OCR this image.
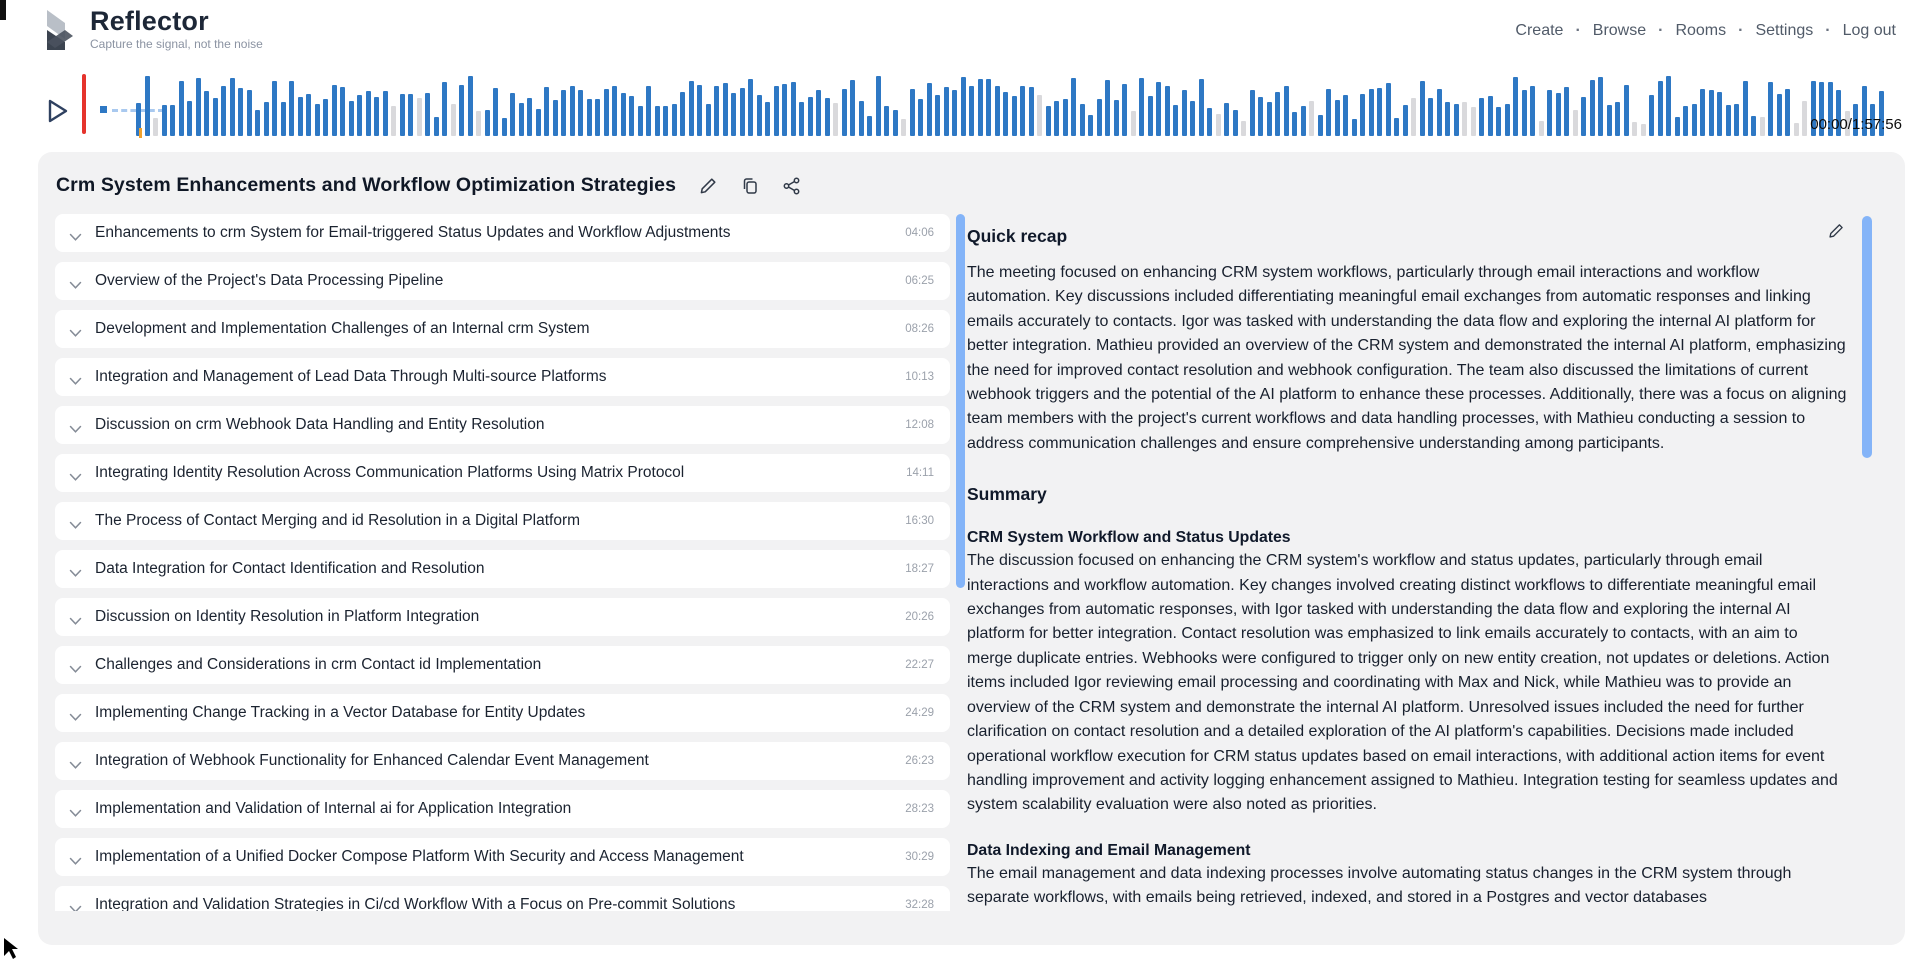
Reflector
Capture the signal, not the noise
Create · Browse · Rooms · Settings · Log out
00:00/1:57:56
Crm System Enhancements and Workflow Optimization Strategies
Enhancements to crm System for Email-triggered Status Updates and Workflow Adjustments	04:06
Overview of the Project's Data Processing Pipeline	06:25
Development and Implementation Challenges of an Internal crm System	08:26
Integration and Management of Lead Data Through Multi-source Platforms	10:13
Discussion on crm Webhook Data Handling and Entity Resolution	12:08
Integrating Identity Resolution Across Communication Platforms Using Matrix Protocol	14:11
The Process of Contact Merging and id Resolution in a Digital Platform	16:30
Data Integration for Contact Identification and Resolution	18:27
Discussion on Identity Resolution in Platform Integration	20:26
Challenges and Considerations in crm Contact id Implementation	22:27
Implementing Change Tracking in a Vector Database for Entity Updates	24:29
Integration of Webhook Functionality for Enhanced Calendar Event Management	26:23
Implementation and Validation of Internal ai for Application Integration	28:23
Implementation of a Unified Docker Compose Platform With Security and Access Management	30:29
Integration and Validation Strategies in Ci/cd Workflow With a Focus on Pre-commit Solutions	32:28
Quick recap

The meeting focused on enhancing CRM system workflows, particularly through email interactions and workflow automation. Key discussions included differentiating meaningful email exchanges from automatic responses and linking emails accurately to contacts. Igor was tasked with understanding the data flow and exploring the internal AI platform for better integration. Mathieu provided an overview of the CRM system and demonstrated the internal AI platform, emphasizing the need for improved contact resolution and webhook configuration. The team also discussed the limitations of current webhook triggers and the potential of the AI platform to enhance these processes. Additionally, there was a focus on aligning team members with the project's current workflows and data handling processes, with Mathieu conducting a session to address communication challenges and ensure comprehensive understanding among participants.

Summary
CRM System Workflow and Status Updates

The discussion focused on enhancing the CRM system's workflow and status updates, particularly through email interactions and workflow automation. Key changes involved creating distinct workflows to differentiate meaningful email exchanges from automatic responses, with Igor tasked with understanding the data flow and exploring the internal AI platform for better integration. Contact resolution was emphasized to link emails accurately to contacts, with an aim to merge duplicate entries. Webhooks were configured to trigger only on new entity creation, not updates or deletions. Action items included Igor reviewing email processing and coordinating with Max and Nick, while Mathieu was to provide an overview of the CRM system and demonstrate the internal AI platform. Unresolved issues included the need for further clarification on contact resolution and a detailed exploration of the AI platform's capabilities. Decisions made included operational workflow execution for CRM status updates based on email interactions, with additional action items for event handling improvement and activity logging enhancement assigned to Mathieu. Integration testing for seamless updates and system scalability evaluation were also noted as priorities.

Data Indexing and Email Management

The email management and data indexing processes involve automating status changes in the CRM system through separate workflows, with emails being retrieved, indexed, and stored in a Postgres and vector databases
